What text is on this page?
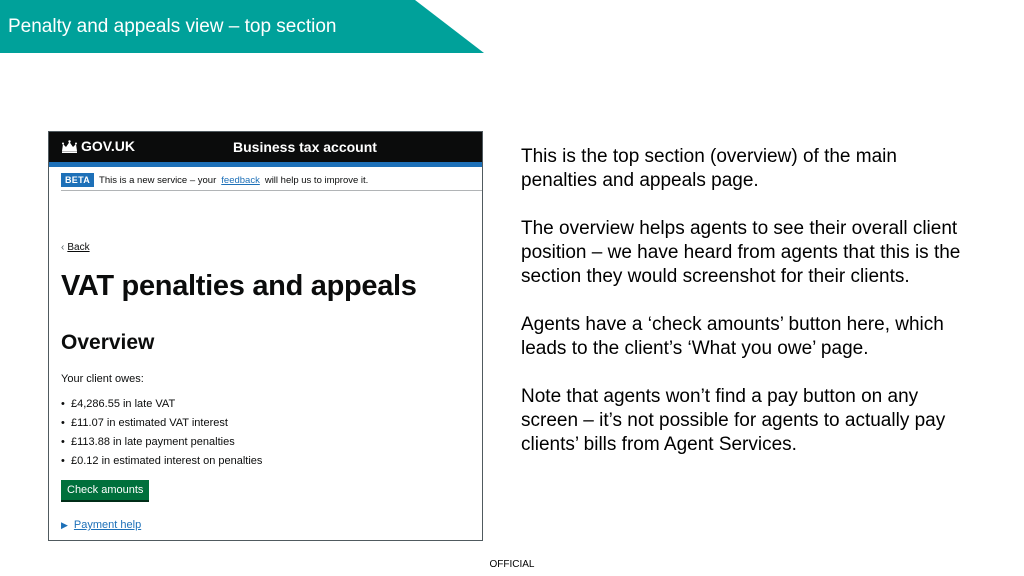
Penalty and appeals view – top section
GOV.UK	Business tax account
BETA This is a new service – your feedback will help us to improve it.
‹ Back
VAT penalties and appeals
Overview
Your client owes:
• £4,286.55 in late VAT
• £11.07 in estimated VAT interest
• £113.88 in late payment penalties
• £0.12 in estimated interest on penalties
Check amounts
▶ Payment help

This is the top section (overview) of the main penalties and appeals page.

The overview helps agents to see their overall client position – we have heard from agents that this is the section they would screenshot for their clients.

Agents have a ‘check amounts’ button here, which leads to the client’s ‘What you owe’ page.

Note that agents won’t find a pay button on any screen – it’s not possible for agents to actually pay clients’ bills from Agent Services.

OFFICIAL
